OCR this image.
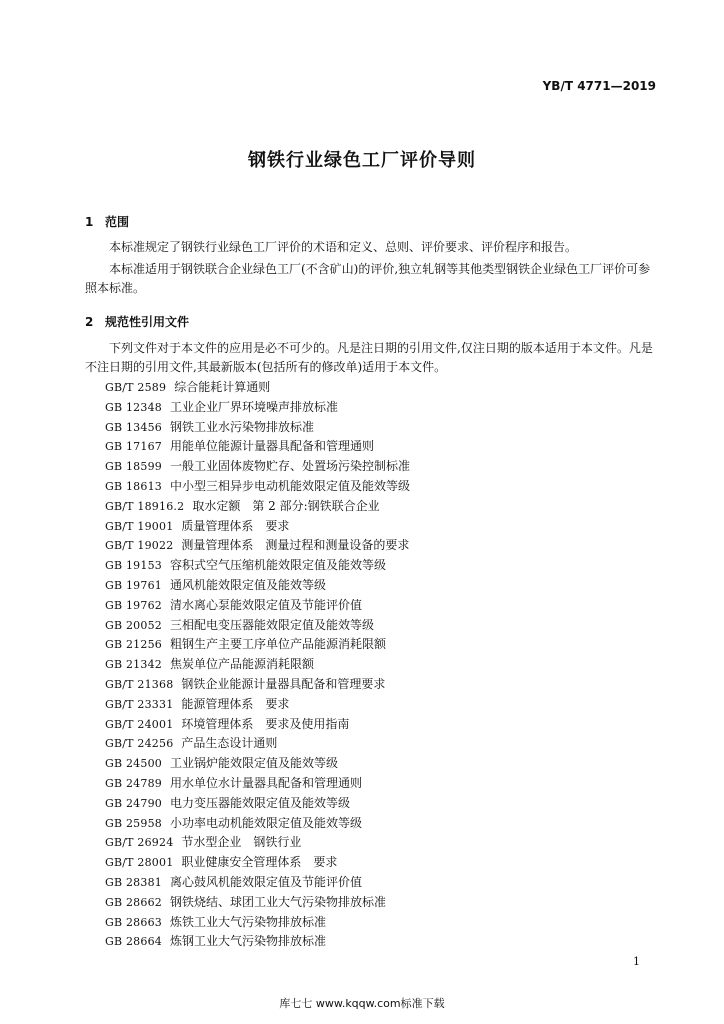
YB/T 4771—2019
钢铁行业绿色工厂评价导则
1 范围

本标准规定了钢铁行业绿色工厂评价的术语和定义、总则、评价要求、评价程序和报告。

本标准适用于钢铁联合企业绿色工厂(不含矿山)的评价,独立轧钢等其他类型钢铁企业绿色工厂评价可参照本标准。

2 规范性引用文件

下列文件对于本文件的应用是必不可少的。凡是注日期的引用文件,仅注日期的版本适用于本文件。凡是不注日期的引用文件,其最新版本(包括所有的修改单)适用于本文件。

GB/T 2589 综合能耗计算通则
GB 12348 工业企业厂界环境噪声排放标准
GB 13456 钢铁工业水污染物排放标准
GB 17167 用能单位能源计量器具配备和管理通则
GB 18599 一般工业固体废物贮存、处置场污染控制标准
GB 18613 中小型三相异步电动机能效限定值及能效等级
GB/T 18916.2 取水定额　第 2 部分:钢铁联合企业
GB/T 19001 质量管理体系　要求
GB/T 19022 测量管理体系　测量过程和测量设备的要求
GB 19153 容积式空气压缩机能效限定值及能效等级
GB 19761 通风机能效限定值及能效等级
GB 19762 清水离心泵能效限定值及节能评价值
GB 20052 三相配电变压器能效限定值及能效等级
GB 21256 粗钢生产主要工序单位产品能源消耗限额
GB 21342 焦炭单位产品能源消耗限额
GB/T 21368 钢铁企业能源计量器具配备和管理要求
GB/T 23331 能源管理体系　要求
GB/T 24001 环境管理体系　要求及使用指南
GB/T 24256 产品生态设计通则
GB 24500 工业锅炉能效限定值及能效等级
GB 24789 用水单位水计量器具配备和管理通则
GB 24790 电力变压器能效限定值及能效等级
GB 25958 小功率电动机能效限定值及能效等级
GB/T 26924 节水型企业　钢铁行业
GB/T 28001 职业健康安全管理体系　要求
GB 28381 离心鼓风机能效限定值及节能评价值
GB 28662 钢铁烧结、球团工业大气污染物排放标准
GB 28663 炼铁工业大气污染物排放标准
GB 28664 炼钢工业大气污染物排放标准
1
库七七 www.kqqw.com标准下载
